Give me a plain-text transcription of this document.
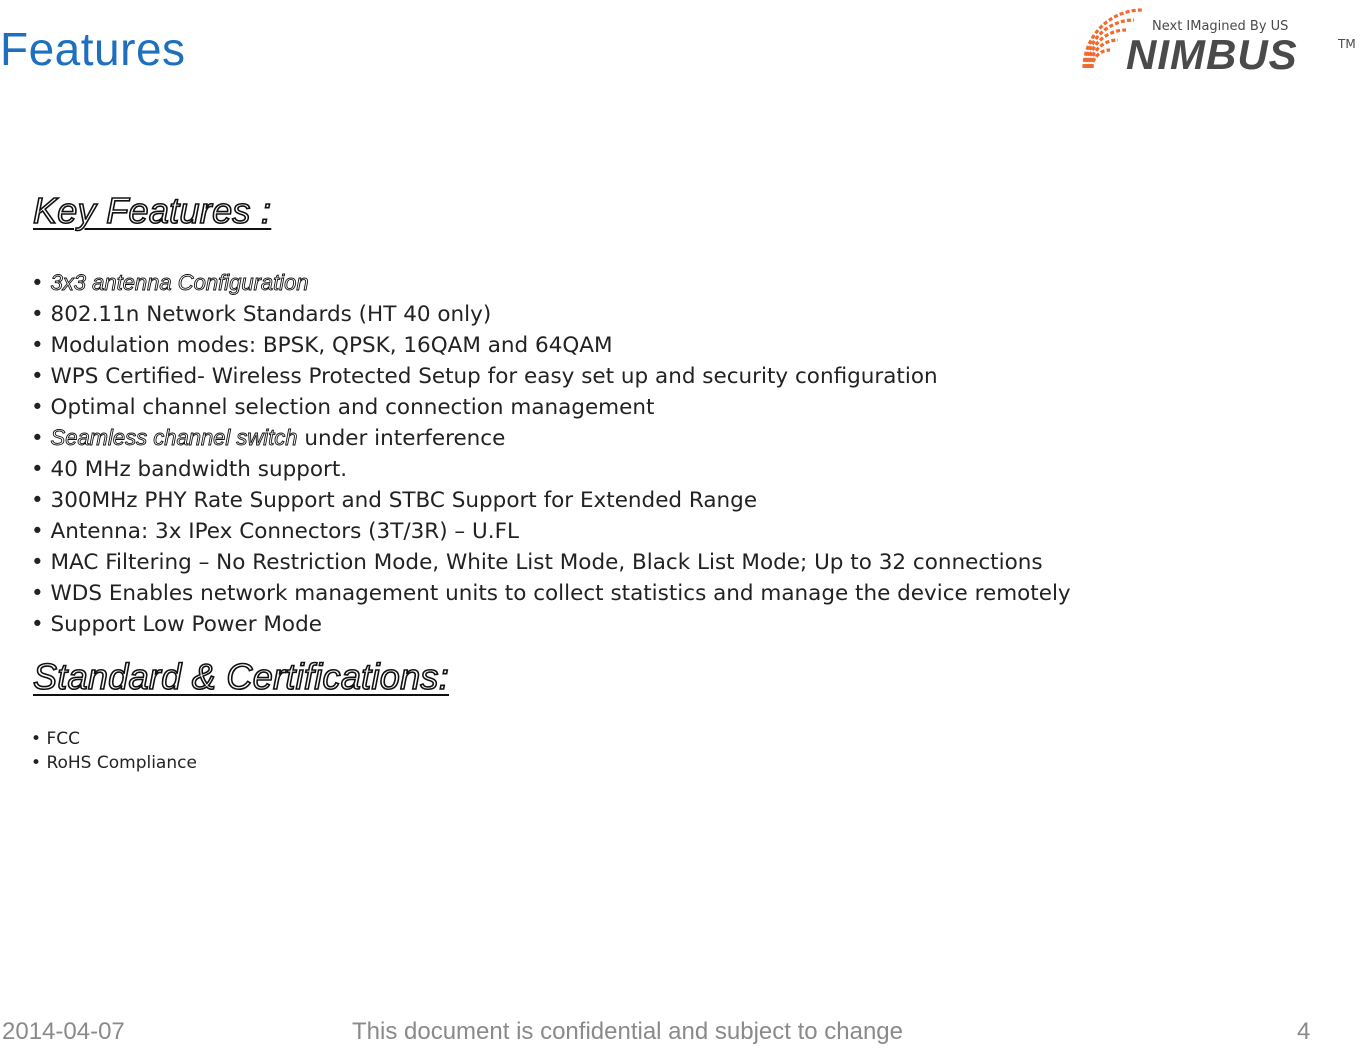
Features	Next IMagined By US
NIMBUS	TM
Key Features :
• 3x3 antenna Configuration
• 802.11n Network Standards (HT 40 only)
• Modulation modes: BPSK, QPSK, 16QAM and 64QAM
• WPS Certified- Wireless Protected Setup for easy set up and security configuration
• Optimal channel selection and connection management
• Seamless channel switch under interference
• 40 MHz bandwidth support.
• 300MHz PHY Rate Support and STBC Support for Extended Range
• Antenna: 3x IPex Connectors (3T/3R) – U.FL
• MAC Filtering – No Restriction Mode, White List Mode, Black List Mode; Up to 32 connections
• WDS Enables network management units to collect statistics and manage the device remotely
• Support Low Power Mode
Standard & Certifications:
• FCC
• RoHS Compliance
2014-04-07	This document is confidential and subject to change	4
